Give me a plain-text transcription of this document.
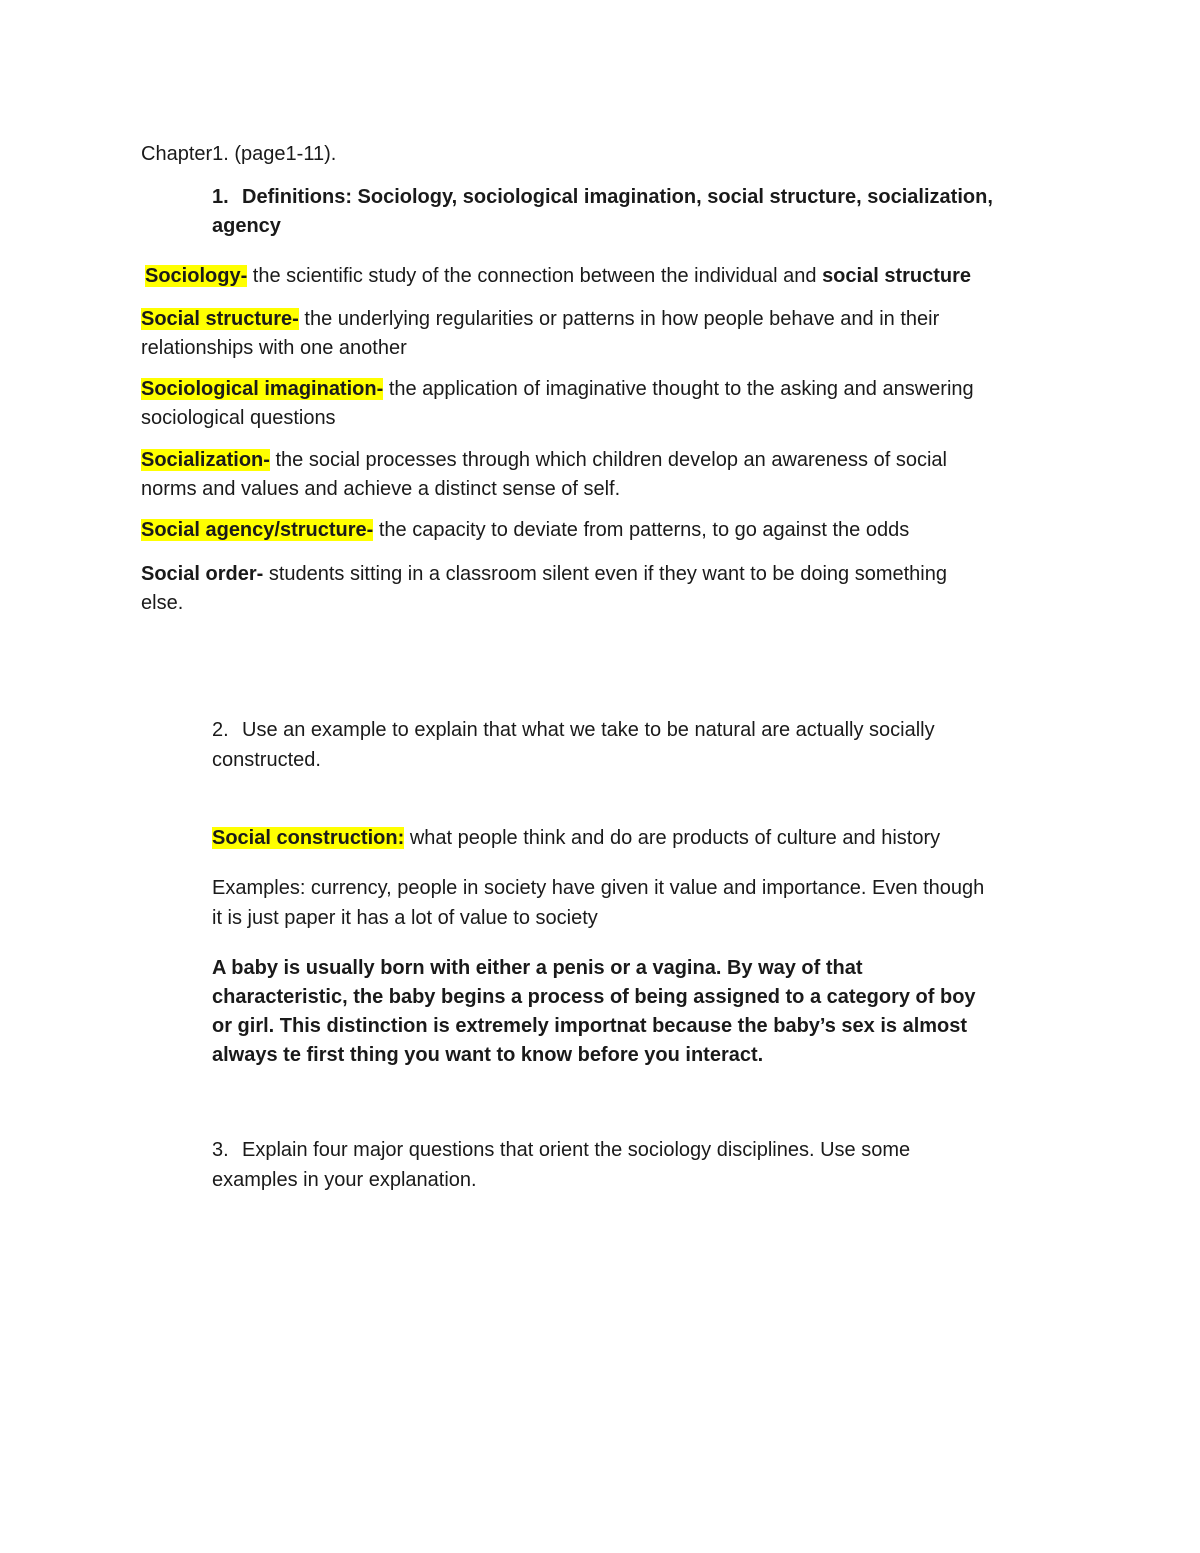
Chapter1. (page1-11).

1. Definitions: Sociology, sociological imagination, social structure, socialization,
agency

Sociology- the scientific study of the connection between the individual and social structure

Social structure- the underlying regularities or patterns in how people behave and in their
relationships with one another

Sociological imagination- the application of imaginative thought to the asking and answering
sociological questions

Socialization- the social processes through which children develop an awareness of social
norms and values and achieve a distinct sense of self.

Social agency/structure- the capacity to deviate from patterns, to go against the odds

Social order- students sitting in a classroom silent even if they want to be doing something
else.

2. Use an example to explain that what we take to be natural are actually socially
constructed.

Social construction: what people think and do are products of culture and history

Examples: currency, people in society have given it value and importance. Even though
it is just paper it has a lot of value to society

A baby is usually born with either a penis or a vagina. By way of that
characteristic, the baby begins a process of being assigned to a category of boy
or girl. This distinction is extremely importnat because the baby’s sex is almost
always te first thing you want to know before you interact.

3. Explain four major questions that orient the sociology disciplines. Use some
examples in your explanation.
